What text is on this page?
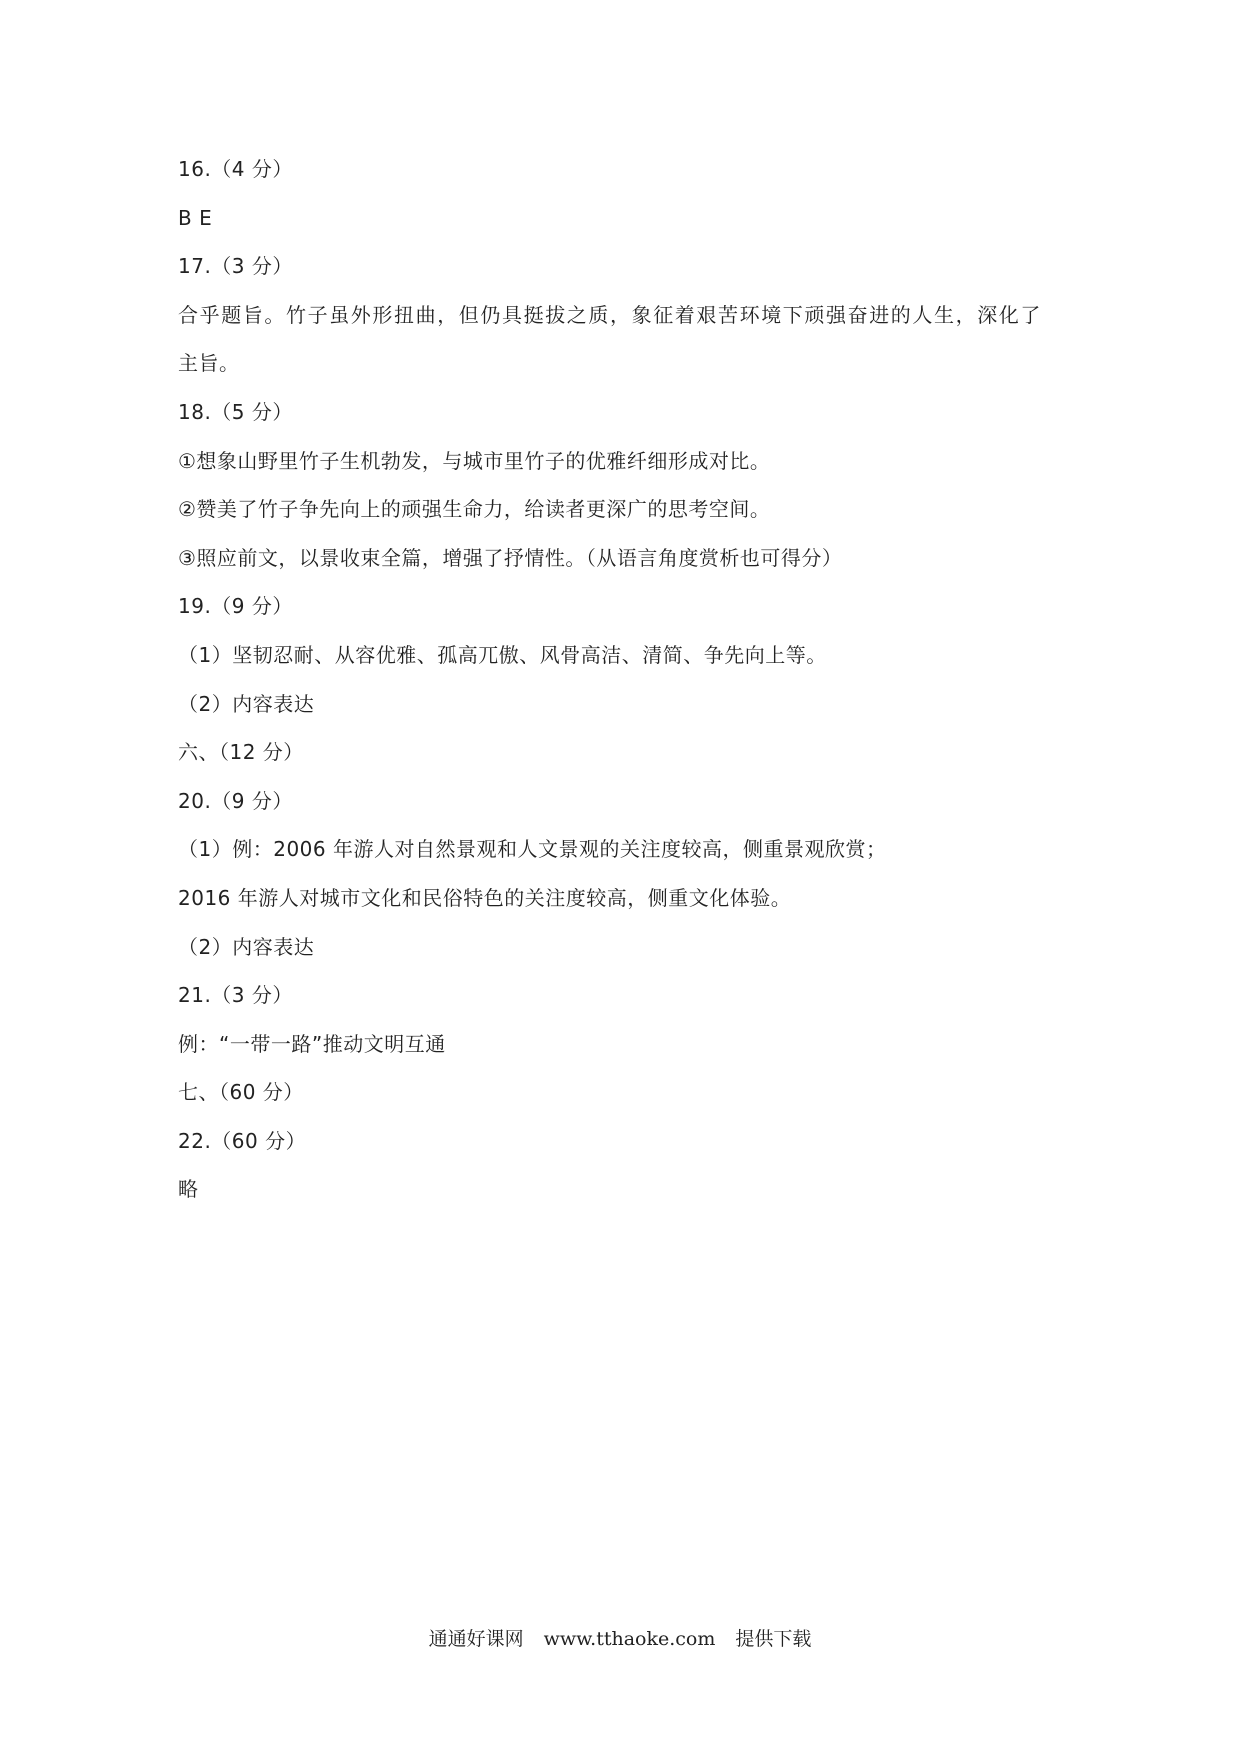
16.（4 分）
B E
17.（3 分）
合乎题旨。竹子虽外形扭曲，但仍具挺拔之质，象征着艰苦环境下顽强奋进的人生，深化了
主旨。
18.（5 分）
①想象山野里竹子生机勃发，与城市里竹子的优雅纤细形成对比。
②赞美了竹子争先向上的顽强生命力，给读者更深广的思考空间。
③照应前文，以景收束全篇，增强了抒情性。（从语言角度赏析也可得分）
19.（9 分）
（1）坚韧忍耐、从容优雅、孤高兀傲、风骨高洁、清简、争先向上等。
（2）内容表达
六、（12 分）
20.（9 分）
（1）例：2006 年游人对自然景观和人文景观的关注度较高，侧重景观欣赏；
2016 年游人对城市文化和民俗特色的关注度较高，侧重文化体验。
（2）内容表达
21.（3 分）
例：“一带一路”推动文明互通
七、（60 分）
22.（60 分）
略
通通好课网 www.tthaoke.com 提供下载
